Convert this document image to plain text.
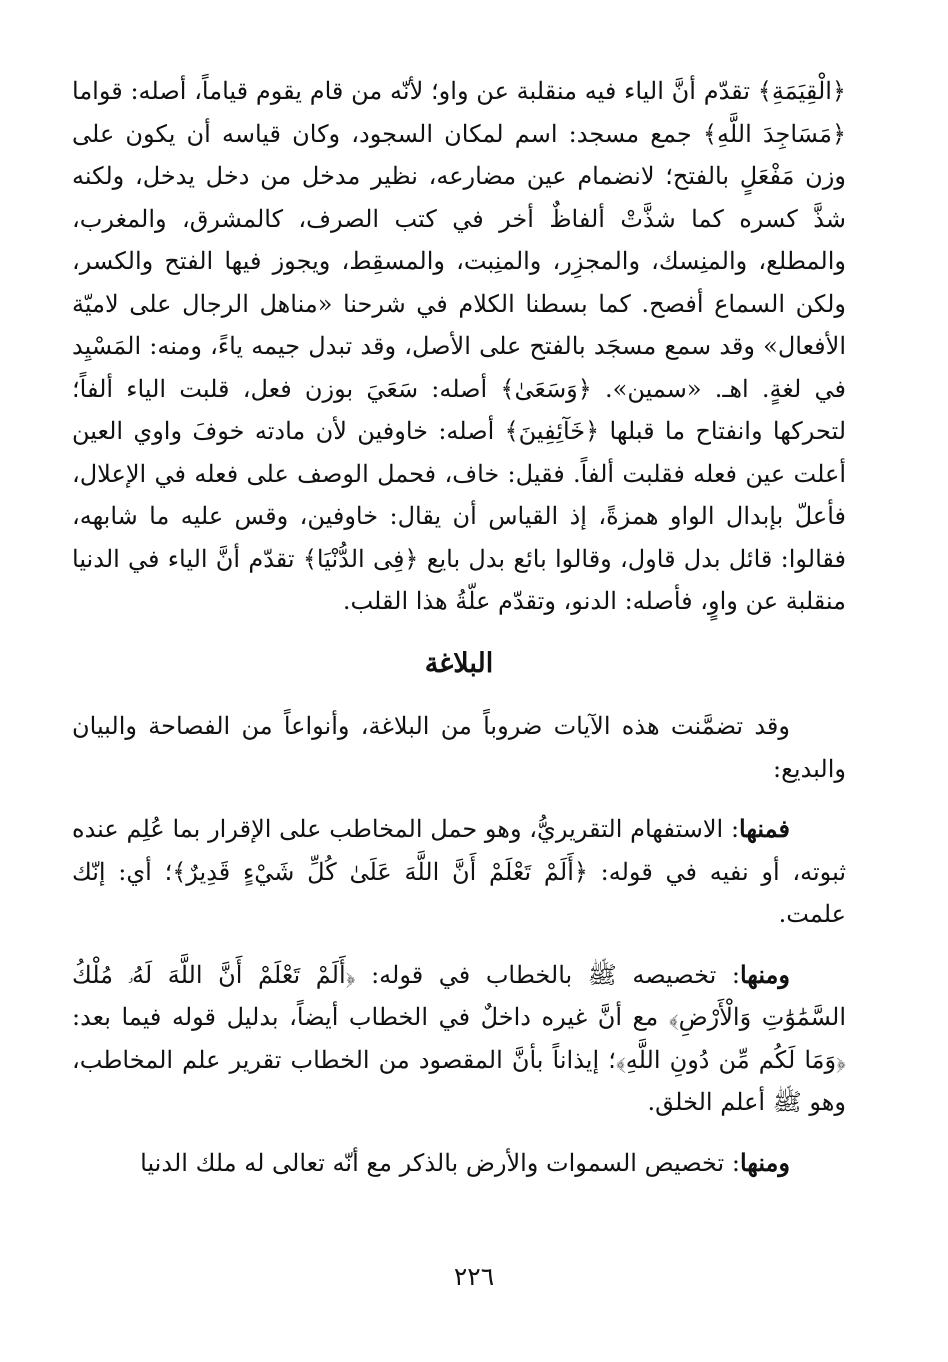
﴿الْقِيَمَةِ﴾ تقدّم أنَّ الياء فيه منقلبة عن واو؛ لأنّه من قام يقوم قياماً، أصله: قواما ﴿مَسَاجِدَ اللَّهِ﴾ جمع مسجد: اسم لمكان السجود، وكان قياسه أن يكون على وزن مَفْعَلٍ بالفتح؛ لانضمام عين مضارعه، نظير مدخل من دخل يدخل، ولكنه شذَّ كسره كما شذَّتْ ألفاظٌ أخر في كتب الصرف، كالمشرق، والمغرب، والمطلع، والمنِسك، والمجزِر، والمنِبت، والمسقِط، ويجوز فيها الفتح والكسر، ولكن السماع أفصح. كما بسطنا الكلام في شرحنا «مناهل الرجال على لاميّة الأفعال» وقد سمع مسجَد بالفتح على الأصل، وقد تبدل جيمه ياءً، ومنه: المَسْيِد في لغةٍ. اهـ. «سمين». ﴿وَسَعَىٰ﴾ أصله: سَعَيَ بوزن فعل، قلبت الياء ألفاً؛ لتحركها وانفتاح ما قبلها ﴿خَآئِفِينَ﴾ أصله: خاوفين لأن مادته خوفَ واوي العين أعلت عين فعله فقلبت ألفاً. فقيل: خاف، فحمل الوصف على فعله في الإعلال، فأعلّ بإبدال الواو همزةً، إذ القياس أن يقال: خاوفين، وقس عليه ما شابهه، فقالوا: قائل بدل قاول، وقالوا بائع بدل بايع ﴿فِى الدُّنْيَا﴾ تقدّم أنَّ الياء في الدنيا منقلبة عن واوٍ، فأصله: الدنو، وتقدّم علّةُ هذا القلب.

البلاغة

وقد تضمَّنت هذه الآيات ضروباً من البلاغة، وأنواعاً من الفصاحة والبيان والبديع:

فمنها: الاستفهام التقريريُّ، وهو حمل المخاطب على الإقرار بما عُلِم عنده ثبوته، أو نفيه في قوله: ﴿أَلَمْ تَعْلَمْ أَنَّ اللَّهَ عَلَىٰ كُلِّ شَيْءٍ قَدِيرٌ﴾؛ أي: إنّك علمت.

ومنها: تخصيصه ﷺ بالخطاب في قوله: ﴿أَلَمْ تَعْلَمْ أَنَّ اللَّهَ لَهُۥ مُلْكُ السَّمَٰوَٰتِ وَالْأَرْضِ﴾ مع أنَّ غيره داخلٌ في الخطاب أيضاً، بدليل قوله فيما بعد: ﴿وَمَا لَكُم مِّن دُونِ اللَّهِ﴾؛ إيذاناً بأنَّ المقصود من الخطاب تقرير علم المخاطب، وهو ﷺ أعلم الخلق.

ومنها: تخصيص السموات والأرض بالذكر مع أنّه تعالى له ملك الدنيا

٢٢٦
